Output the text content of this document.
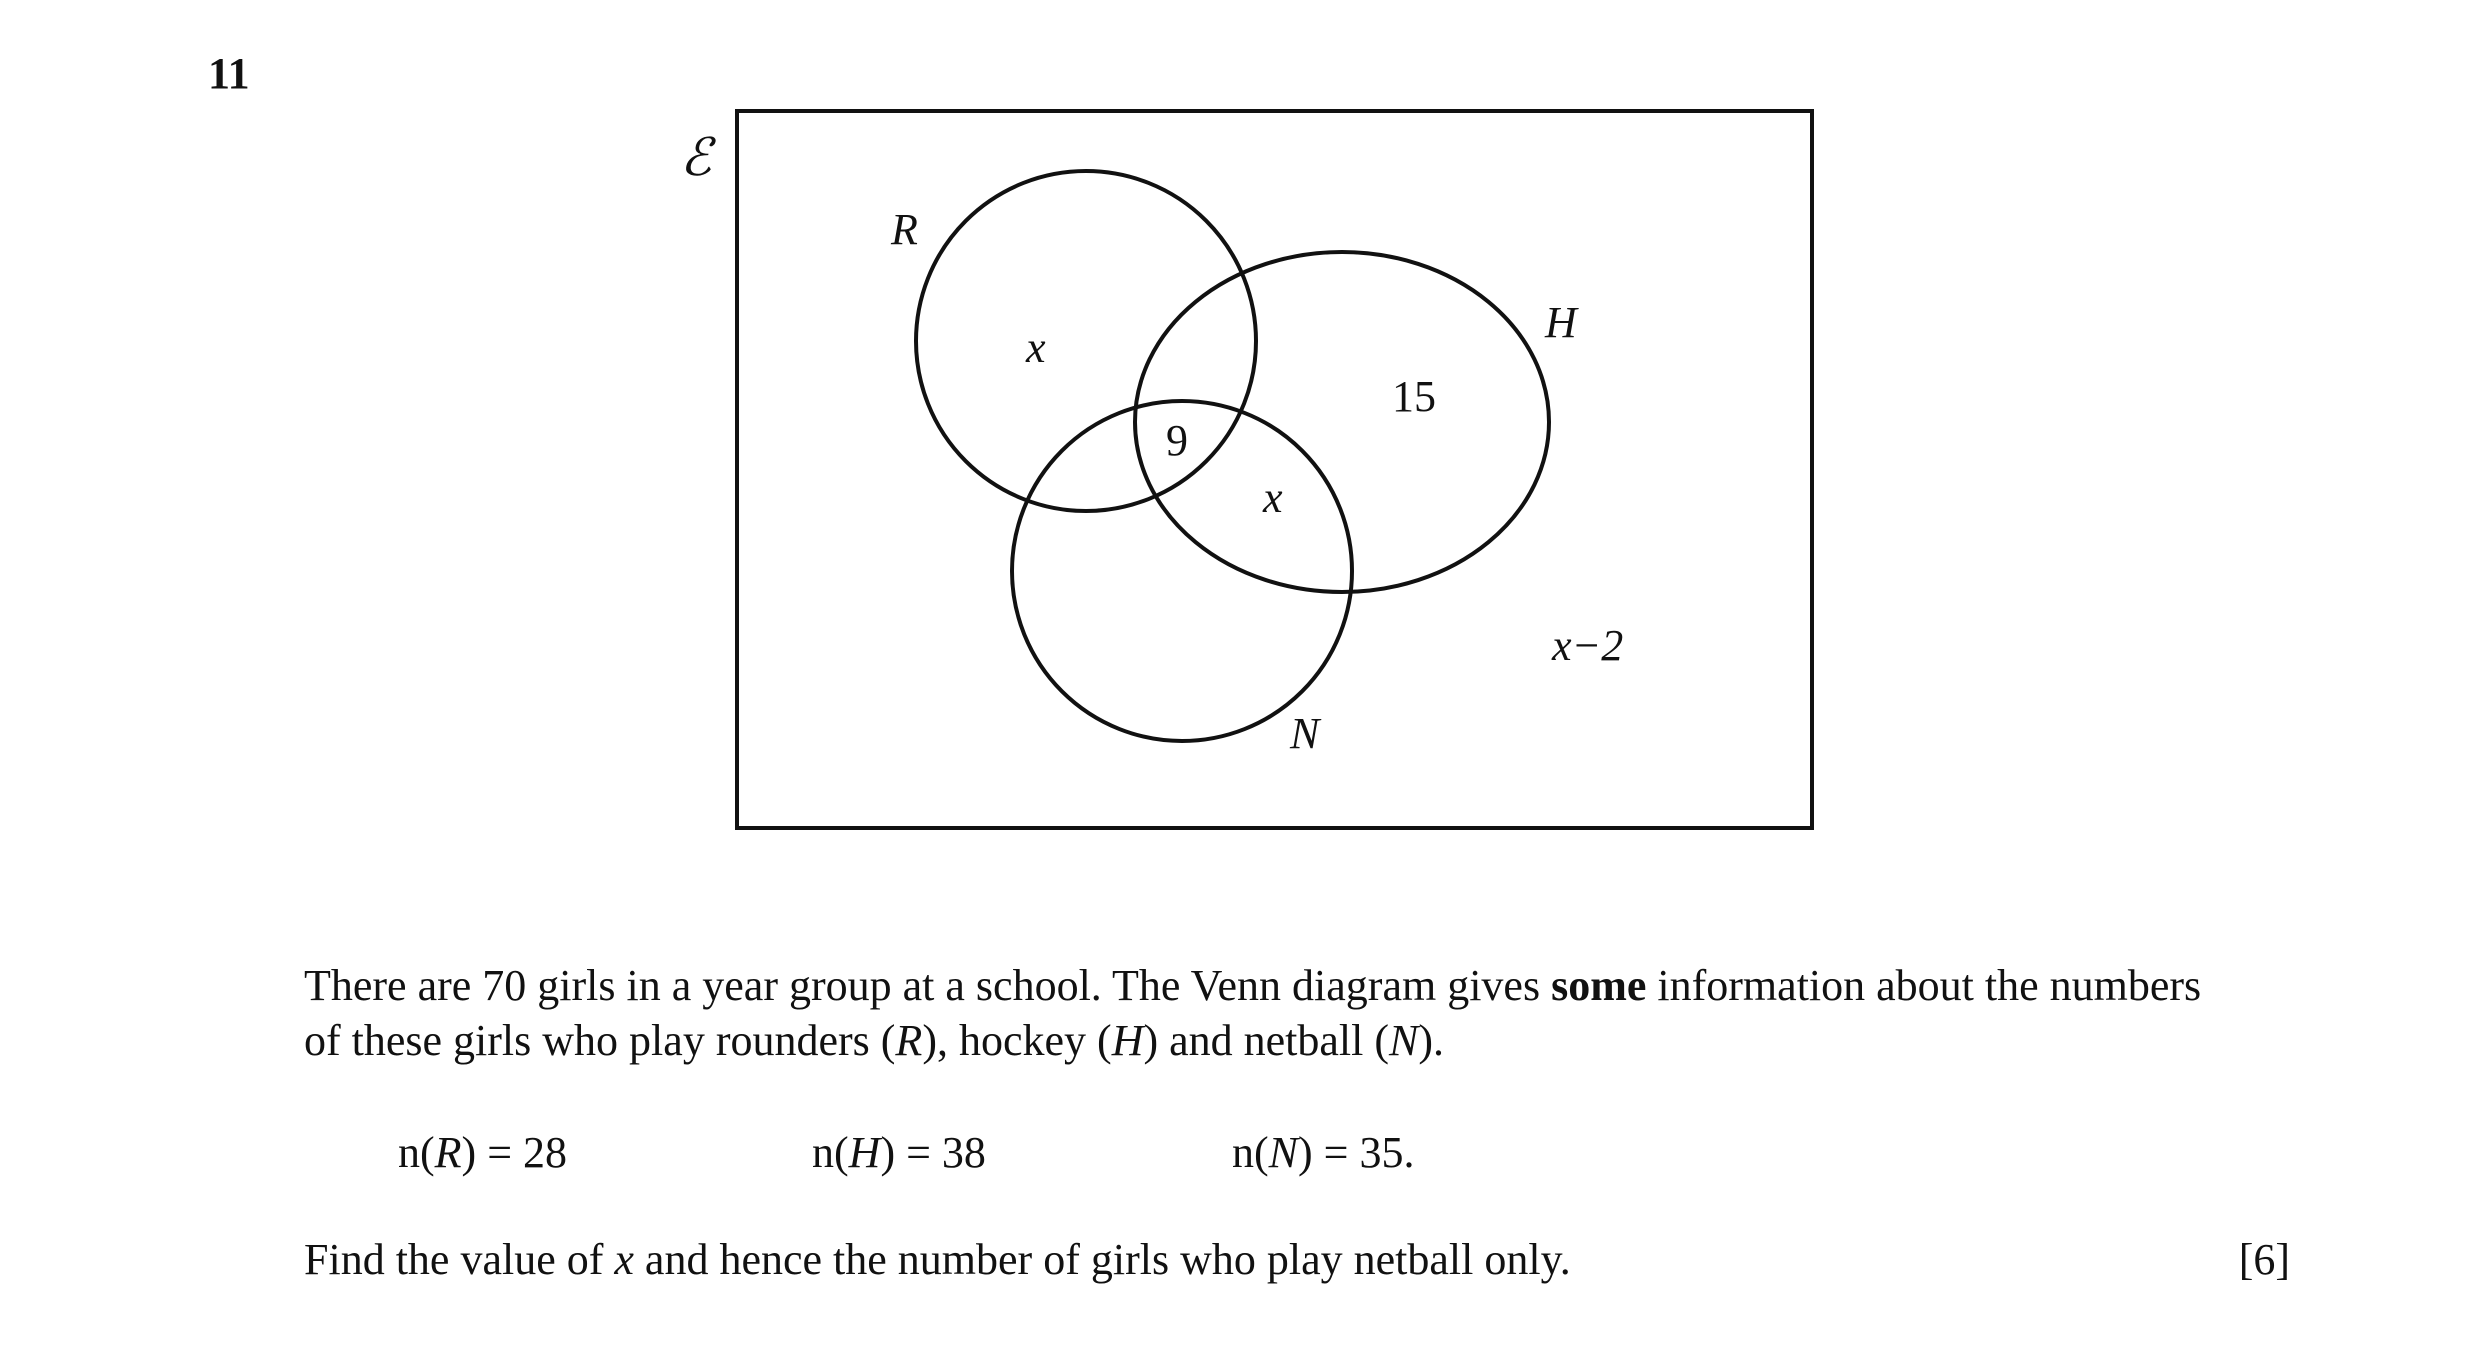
11
ℰ
R
H
N
x
9
15
x
x−2

There are 70 girls in a year group at a school. The Venn diagram gives some information about the numbers
of these girls who play rounders (R), hockey (H) and netball (N).

n(R) = 28	n(H) = 38	n(N) = 35.
Find the value of x and hence the number of girls who play netball only.	[6]
